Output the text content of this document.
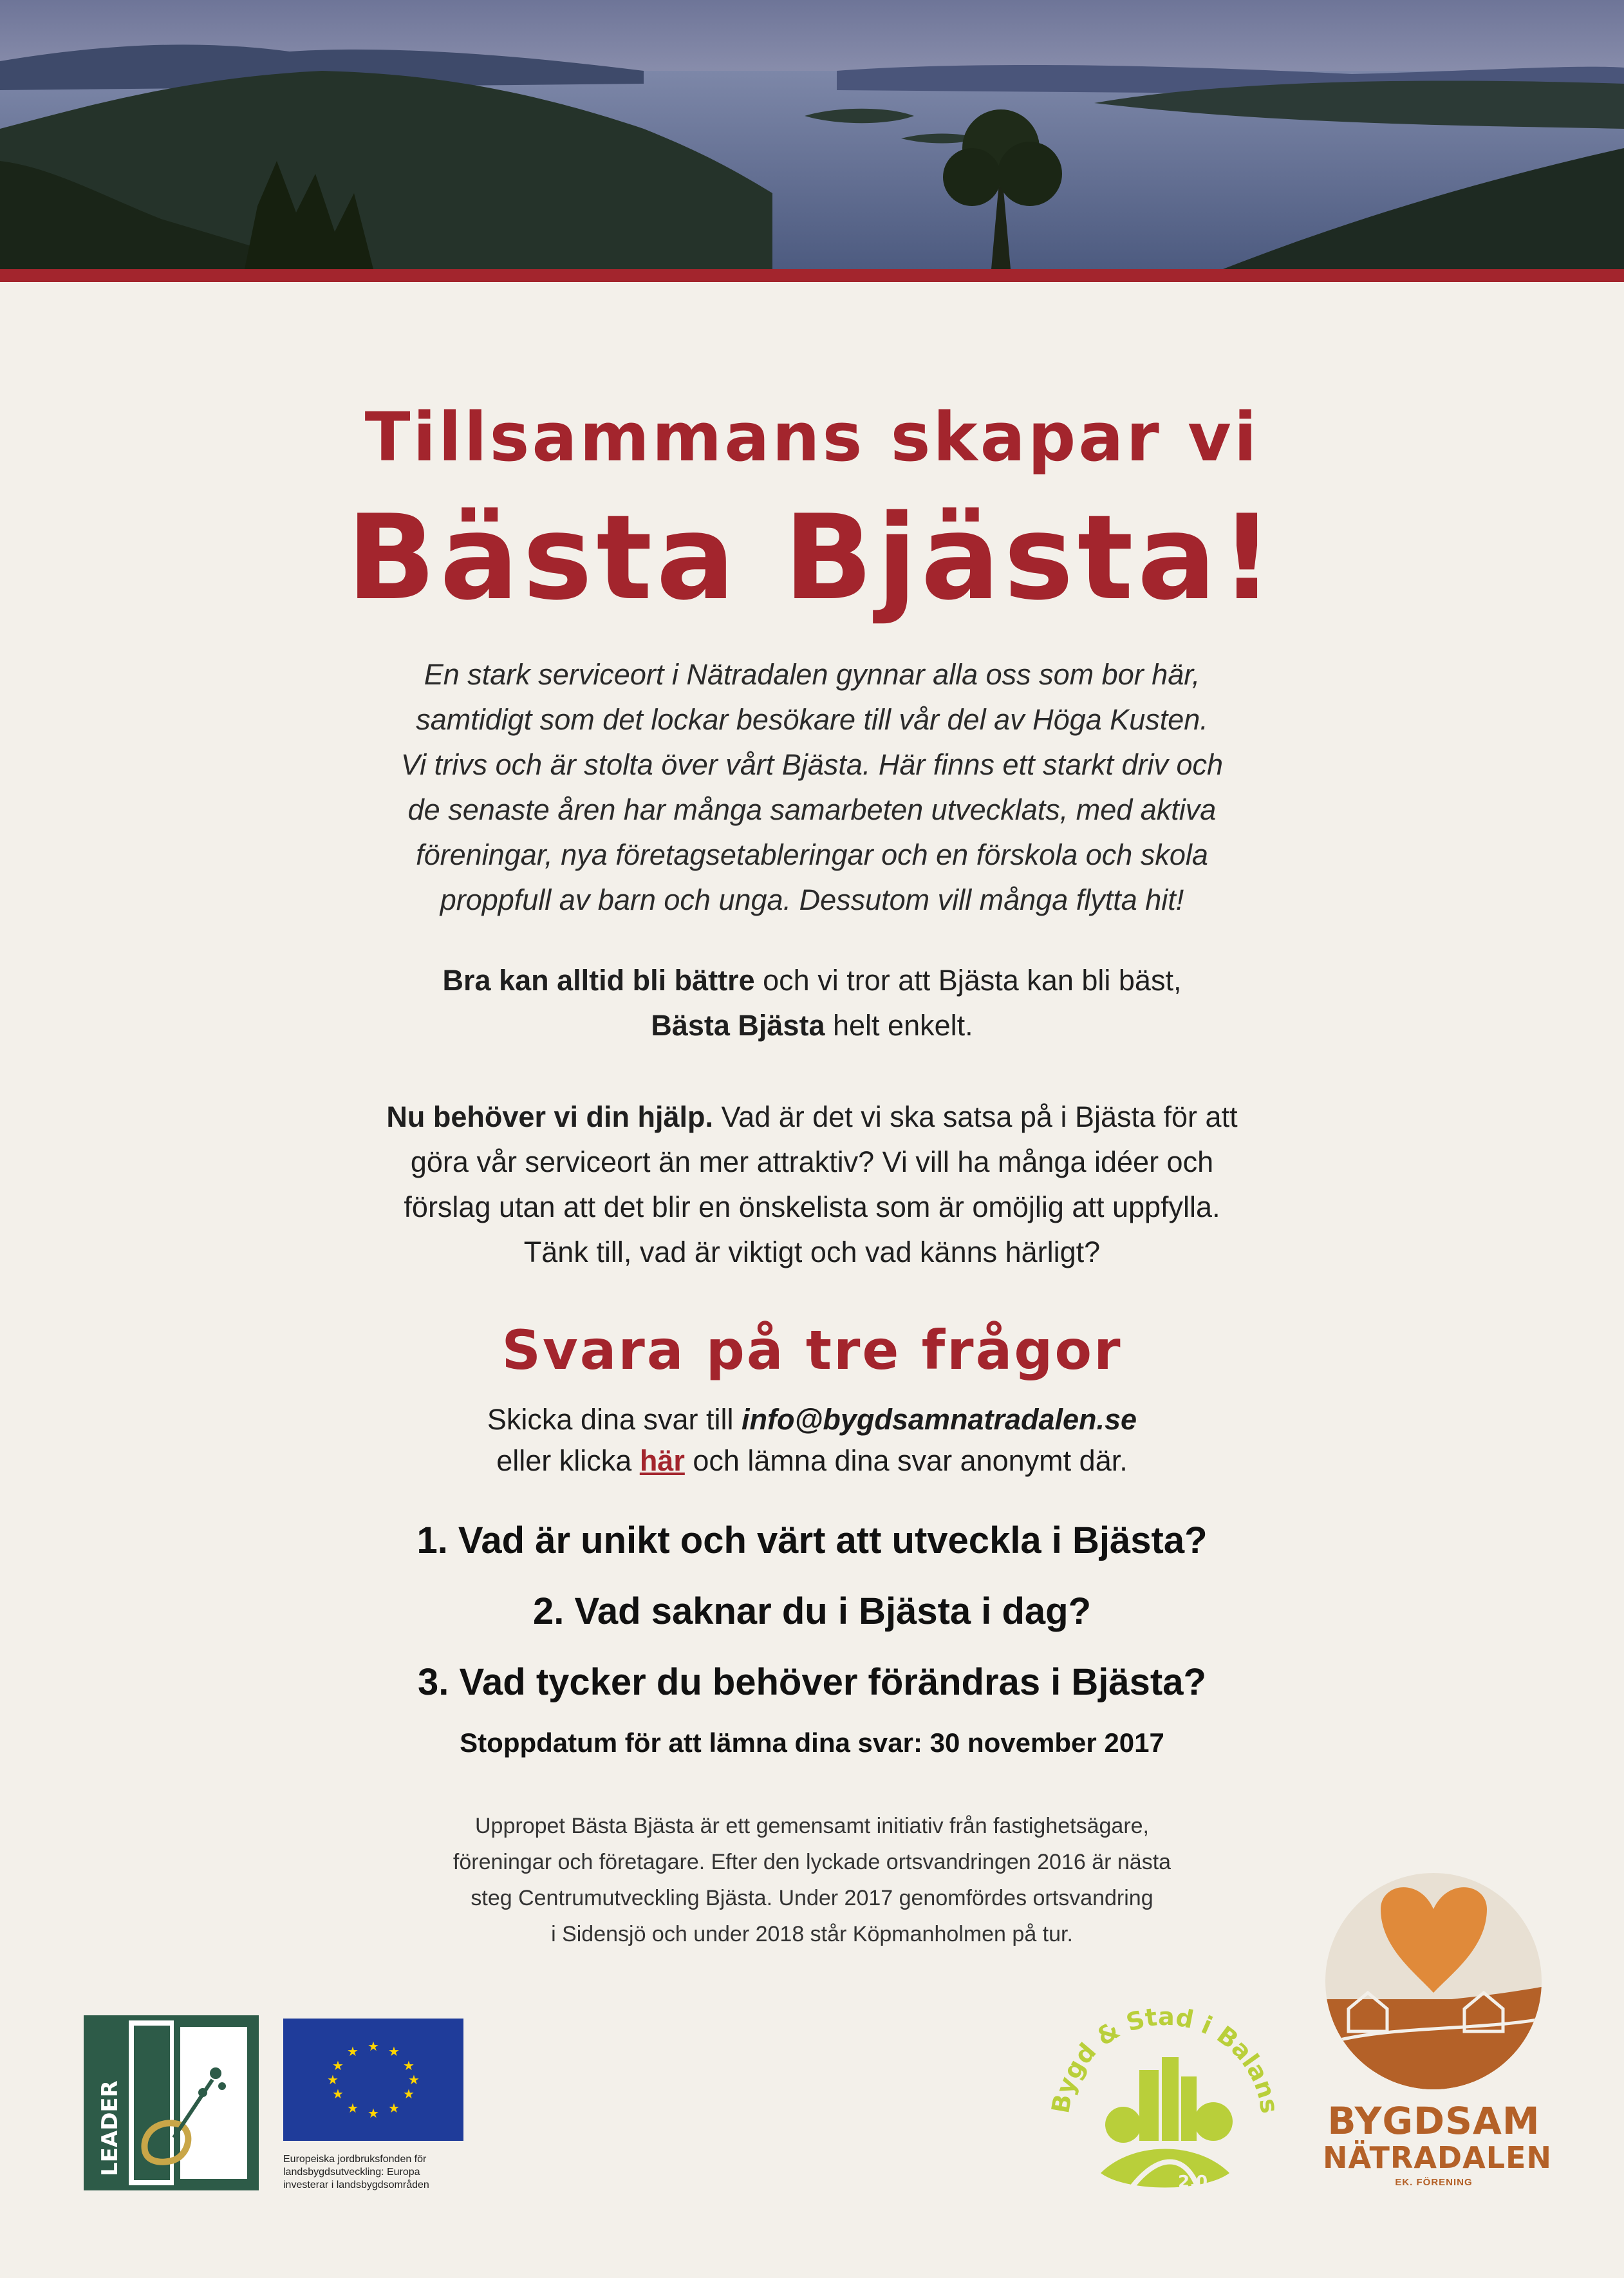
Tillsammans skapar vi
Bästa Bjästa!
En stark serviceort i Nätradalen gynnar alla oss som bor här,
samtidigt som det lockar besökare till vår del av Höga Kusten.
Vi trivs och är stolta över vårt Bjästa. Här finns ett starkt driv och
de senaste åren har många samarbeten utvecklats, med aktiva
föreningar, nya företagsetableringar och en förskola och skola
proppfull av barn och unga. Dessutom vill många flytta hit!
Bra kan alltid bli bättre och vi tror att Bjästa kan bli bäst,
Bästa Bjästa helt enkelt.
Nu behöver vi din hjälp. Vad är det vi ska satsa på i Bjästa för att
göra vår serviceort än mer attraktiv? Vi vill ha många idéer och
förslag utan att det blir en önskelista som är omöjlig att uppfylla.
Tänk till, vad är viktigt och vad känns härligt?
Svara på tre frågor
Skicka dina svar till info@bygdsamnatradalen.se
eller klicka här och lämna dina svar anonymt där.
1. Vad är unikt och värt att utveckla i Bjästa?
2. Vad saknar du i Bjästa i dag?
3. Vad tycker du behöver förändras i Bjästa?
Stoppdatum för att lämna dina svar: 30 november 2017
Uppropet Bästa Bjästa är ett gemensamt initiativ från fastighetsägare,
föreningar och företagare. Efter den lyckade ortsvandringen 2016 är nästa
steg Centrumutveckling Bjästa. Under 2017 genomfördes ortsvandring
i Sidensjö och under 2018 står Köpmanholmen på tur.
LEADER
★ ★
★
★
★
★
★
★
★
★
★
★
Europeiska jordbruksfonden för
landsbygdsutveckling: Europa
investerar i landsbygdsområden
Bygd & Stad i Balans
2.0
BYGDSAM
NÄTRADALEN
EK. FÖRENING
